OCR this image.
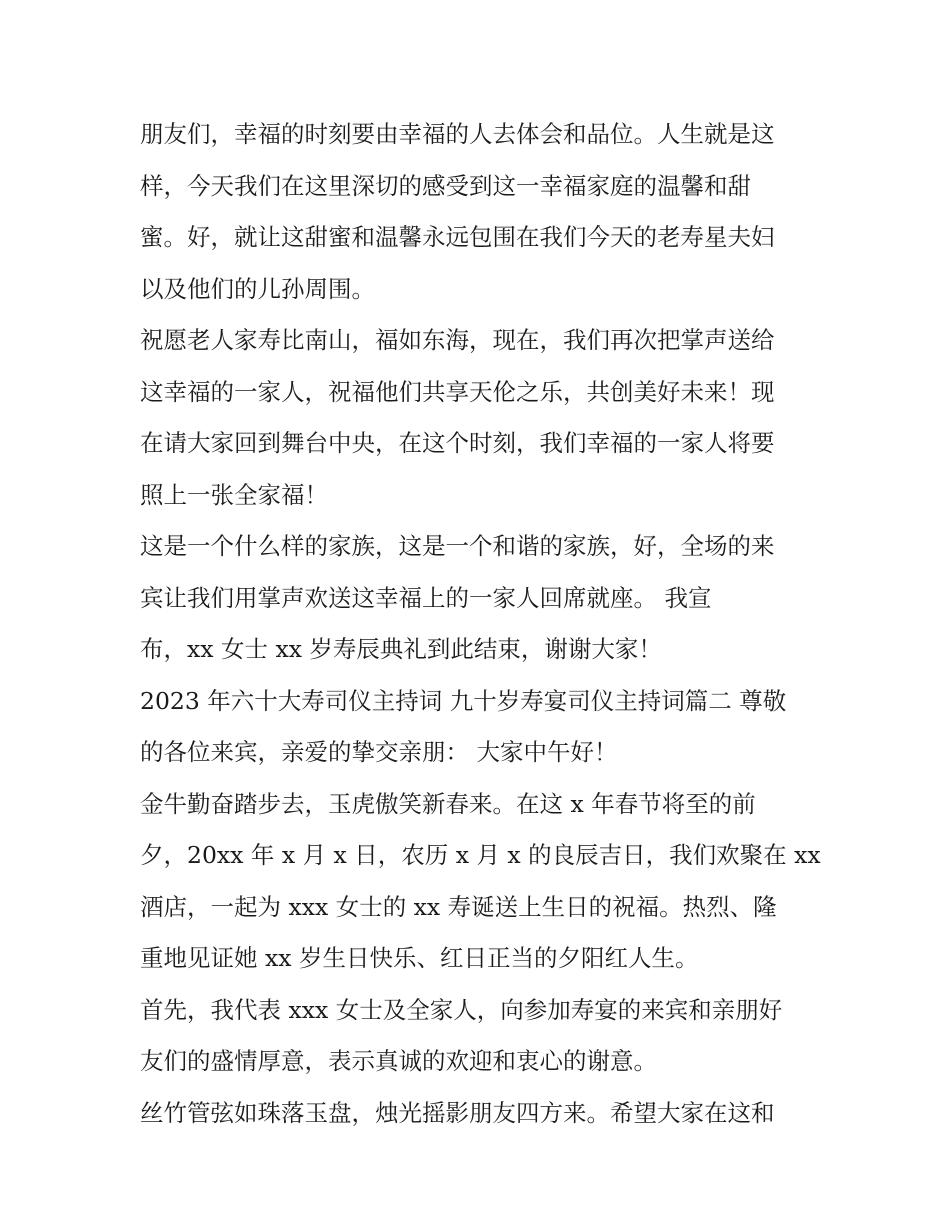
朋友们，幸福的时刻要由幸福的人去体会和品位。人生就是这
样，今天我们在这里深切的感受到这一幸福家庭的温馨和甜
蜜。好，就让这甜蜜和温馨永远包围在我们今天的老寿星夫妇
以及他们的儿孙周围。
祝愿老人家寿比南山，福如东海，现在，我们再次把掌声送给
这幸福的一家人，祝福他们共享天伦之乐，共创美好未来！现
在请大家回到舞台中央，在这个时刻，我们幸福的一家人将要
照上一张全家福！
这是一个什么样的家族，这是一个和谐的家族，好，全场的来
宾让我们用掌声欢送这幸福上的一家人回席就座。 我宣
布，xx 女士 xx 岁寿辰典礼到此结束，谢谢大家！
2023 年六十大寿司仪主持词 九十岁寿宴司仪主持词篇二 尊敬
的各位来宾，亲爱的挚交亲朋： 大家中午好！
金牛勤奋踏步去，玉虎傲笑新春来。在这 x 年春节将至的前
夕，20xx 年 x 月 x 日，农历 x 月 x 的良辰吉日，我们欢聚在 xx
酒店，一起为 xxx 女士的 xx 寿诞送上生日的祝福。热烈、隆
重地见证她 xx 岁生日快乐、红日正当的夕阳红人生。
首先，我代表 xxx 女士及全家人，向参加寿宴的来宾和亲朋好
友们的盛情厚意，表示真诚的欢迎和衷心的谢意。
丝竹管弦如珠落玉盘，烛光摇影朋友四方来。希望大家在这和
